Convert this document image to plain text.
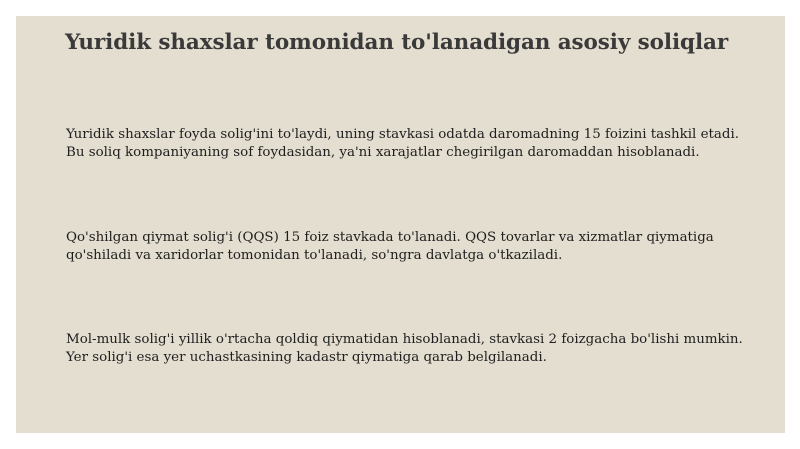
Yuridik shaxslar tomonidan to'lanadigan asosiy soliqlar

Yuridik shaxslar foyda solig'ini to'laydi, uning stavkasi odatda daromadning 15 foizini tashkil etadi. Bu soliq kompaniyaning sof foydasidan, ya'ni xarajatlar chegirilgan daromaddan hisoblanadi.

Qo'shilgan qiymat solig'i (QQS) 15 foiz stavkada to'lanadi. QQS tovarlar va xizmatlar qiymatiga qo'shiladi va xaridorlar tomonidan to'lanadi, so'ngra davlatga o'tkaziladi.

Mol-mulk solig'i yillik o'rtacha qoldiq qiymatidan hisoblanadi, stavkasi 2 foizgacha bo'lishi mumkin. Yer solig'i esa yer uchastkasining kadastr qiymatiga qarab belgilanadi.
